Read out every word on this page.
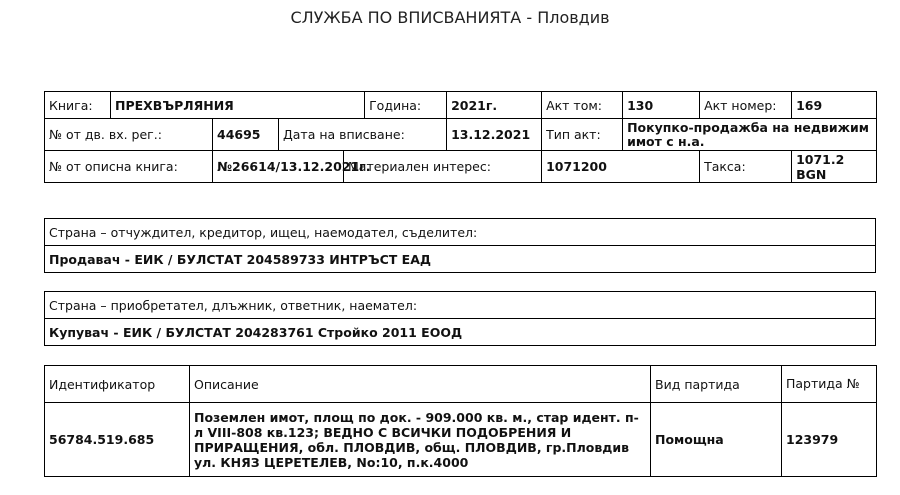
СЛУЖБА ПО ВПИСВАНИЯТА - Пловдив
Книга:	ПРЕХВЪРЛЯНИЯ				Година:	2021г.	Акт том:	130	Акт номер:	169
№ от дв. вх. рег.:		44695	Дата на вписване:			13.12.2021	Тип акт:	Покупко-продажба на недвижим имот с н.а.		
№ от описна книга:		№26614/13.12.2021г.		Материален интерес:			1071200		Такса:	1071.2 BGN
Страна – отчуждител, кредитор, ищец, наемодател, съделител:
Продавач - ЕИК / БУЛСТАТ 204589733 ИНТРЪСТ ЕАД
Страна – приобретател, длъжник, ответник, наемател:
Купувач - ЕИК / БУЛСТАТ 204283761 Стройко 2011 ЕООД
Идентификатор	Описание	Вид партида	Партида №
56784.519.685	Поземлен имот, площ по док. - 909.000 кв. м., стар идент. п-л VIII-808 кв.123; ВЕДНО С ВСИЧКИ ПОДОБРЕНИЯ И ПРИРАЩЕНИЯ, обл. ПЛОВДИВ, общ. ПЛОВДИВ, гр.Пловдив ул. КНЯЗ ЦЕРЕТЕЛЕВ, No:10, п.к.4000	Помощна	123979
